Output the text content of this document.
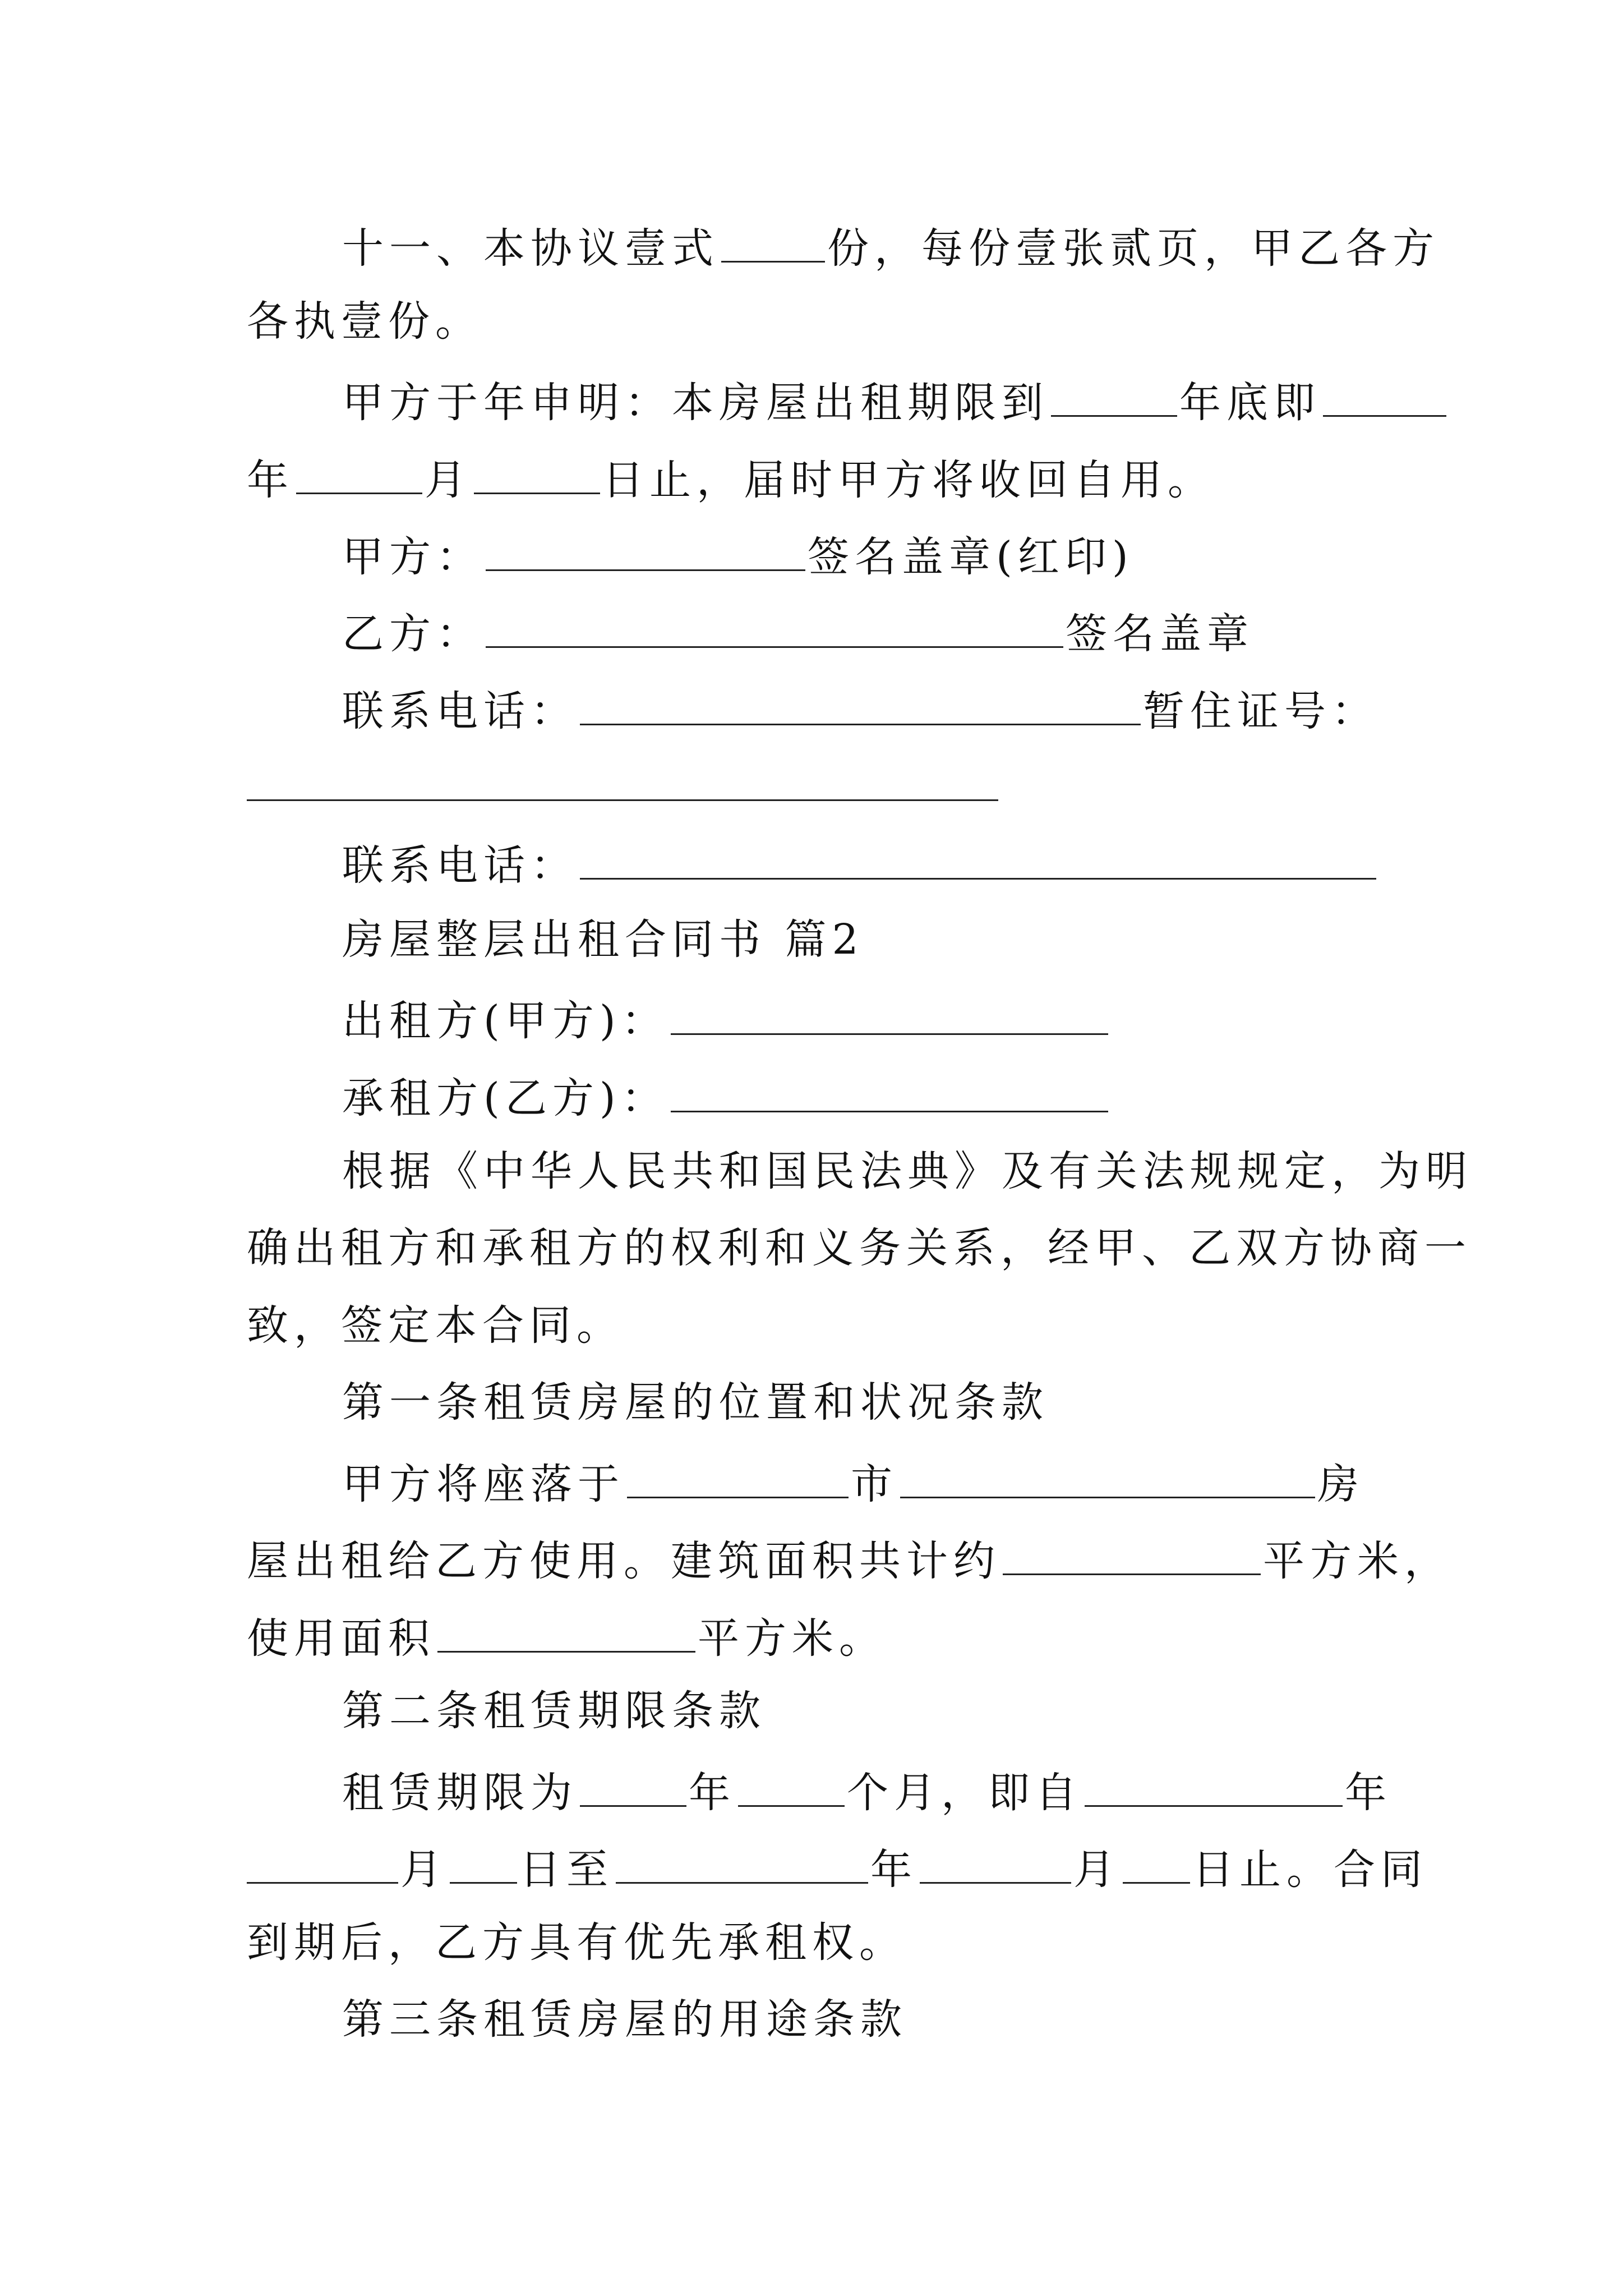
十一、本协议壹式	份，每份壹张贰页，甲乙各方
各执壹份。
甲方于年申明：本房屋出租期限到	年底即
年	月	日止，届时甲方将收回自用。
甲方：	签名盖章(红印)
乙方：	签名盖章
联系电话：	暂住证号：
联系电话：
房屋整层出租合同书 篇2
出租方(甲方)：
承租方(乙方)：
根据《中华人民共和国民法典》及有关法规规定，为明
确出租方和承租方的权利和义务关系，经甲、乙双方协商一
致，签定本合同。
第一条租赁房屋的位置和状况条款
甲方将座落于	市	房
屋出租给乙方使用。建筑面积共计约	平方米，
使用面积	平方米。
第二条租赁期限条款
租赁期限为	年	个月，即自	年
月 日至	年	月 日止。合同
到期后，乙方具有优先承租权。
第三条租赁房屋的用途条款
